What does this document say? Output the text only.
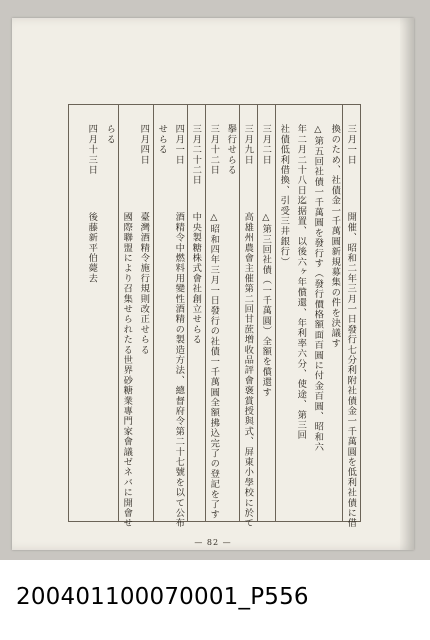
三月一日
開催、昭和二年三月一日發行七分利附社債金一千萬圓を低利社債に借
換のため、社債金一千萬圓新規募集の件を決議す
△第五回社債一千萬圓を發行す（發行價格額面百圓に付金百圓、昭和六
年二月二十八日迄据置、以後六ヶ年償還、年利率六分、使途、第三回
社債低利借換、引受三井銀行）
三月二日
△第三回社債（一千萬圓）全額を償還す
三月九日
高雄州農會主催第二回甘蔗増收品評會褒賞授與式、屏東小學校に於て
擧行せらる
三月十二日
△昭和四年三月一日發行の社債一千萬圓全額拂込完了の登記を了す
三月二十二日
中央製糖株式會社創立せらる
四月一日
酒精令中燃料用變性酒精の製造方法、總督府令第二十七號を以て公布
せらる
四月四日
臺灣酒精令施行規則改正せらる
國際聯盟により召集せられたる世界砂糖業專門家會議ゼネバに開會せ
らる
四月十三日
後藤新平伯薨去
— 82 —
200401100070001_P556
